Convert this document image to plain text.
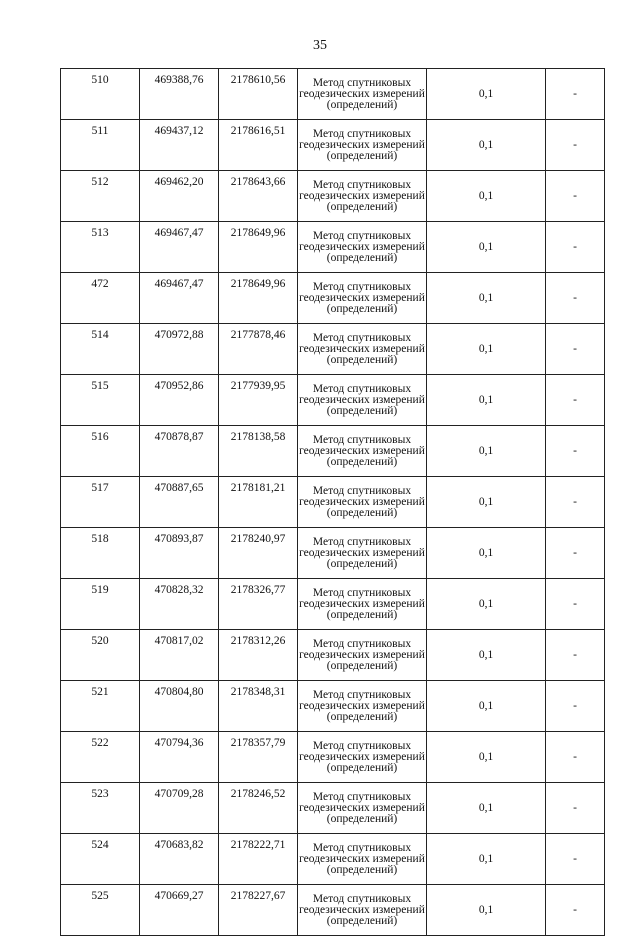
35
510	469388,76	2178610,56	Метод спутниковых
геодезических измерений
(определений)	0,1	-
511	469437,12	2178616,51	Метод спутниковых
геодезических измерений
(определений)	0,1	-
512	469462,20	2178643,66	Метод спутниковых
геодезических измерений
(определений)	0,1	-
513	469467,47	2178649,96	Метод спутниковых
геодезических измерений
(определений)	0,1	-
472	469467,47	2178649,96	Метод спутниковых
геодезических измерений
(определений)	0,1	-
514	470972,88	2177878,46	Метод спутниковых
геодезических измерений
(определений)	0,1	-
515	470952,86	2177939,95	Метод спутниковых
геодезических измерений
(определений)	0,1	-
516	470878,87	2178138,58	Метод спутниковых
геодезических измерений
(определений)	0,1	-
517	470887,65	2178181,21	Метод спутниковых
геодезических измерений
(определений)	0,1	-
518	470893,87	2178240,97	Метод спутниковых
геодезических измерений
(определений)	0,1	-
519	470828,32	2178326,77	Метод спутниковых
геодезических измерений
(определений)	0,1	-
520	470817,02	2178312,26	Метод спутниковых
геодезических измерений
(определений)	0,1	-
521	470804,80	2178348,31	Метод спутниковых
геодезических измерений
(определений)	0,1	-
522	470794,36	2178357,79	Метод спутниковых
геодезических измерений
(определений)	0,1	-
523	470709,28	2178246,52	Метод спутниковых
геодезических измерений
(определений)	0,1	-
524	470683,82	2178222,71	Метод спутниковых
геодезических измерений
(определений)	0,1	-
525	470669,27	2178227,67	Метод спутниковых
геодезических измерений
(определений)	0,1	-
